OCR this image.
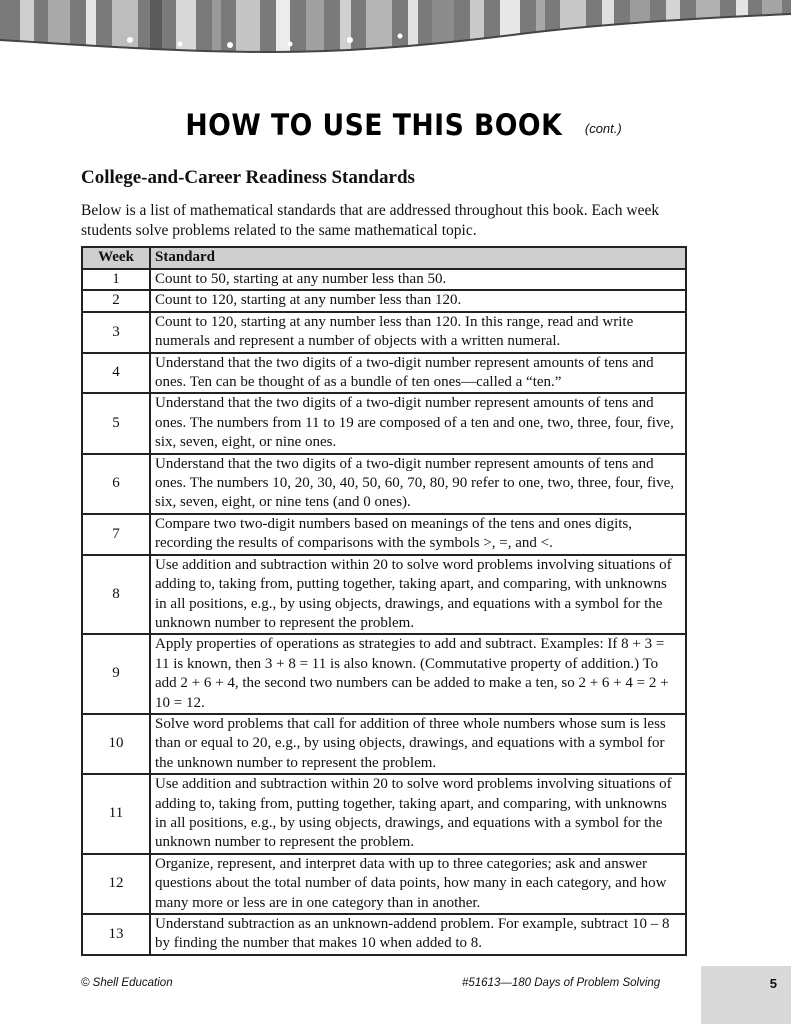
HOW TO USE THIS BOOK (cont.)
College-and-Career Readiness Standards

Below is a list of mathematical standards that are addressed throughout this book. Each week students solve problems related to the same mathematical topic.

Week	Standard
1	Count to 50, starting at any number less than 50.
2	Count to 120, starting at any number less than 120.
3	Count to 120, starting at any number less than 120. In this range, read and write numerals and represent a number of objects with a written numeral.
4	Understand that the two digits of a two-digit number represent amounts of tens and ones. Ten can be thought of as a bundle of ten ones—called a “ten.”
5	Understand that the two digits of a two-digit number represent amounts of tens and ones. The numbers from 11 to 19 are composed of a ten and one, two, three, four, five, six, seven, eight, or nine ones.
6	Understand that the two digits of a two-digit number represent amounts of tens and ones. The numbers 10, 20, 30, 40, 50, 60, 70, 80, 90 refer to one, two, three, four, five, six, seven, eight, or nine tens (and 0 ones).
7	Compare two two-digit numbers based on meanings of the tens and ones digits, recording the results of comparisons with the symbols >, =, and <.
8	Use addition and subtraction within 20 to solve word problems involving situations of adding to, taking from, putting together, taking apart, and comparing, with unknowns in all positions, e.g., by using objects, drawings, and equations with a symbol for the unknown number to represent the problem.
9	Apply properties of operations as strategies to add and subtract. Examples: If 8 + 3 = 11 is known, then 3 + 8 = 11 is also known. (Commutative property of addition.) To add 2 + 6 + 4, the second two numbers can be added to make a ten, so 2 + 6 + 4 = 2 + 10 = 12.
10	Solve word problems that call for addition of three whole numbers whose sum is less than or equal to 20, e.g., by using objects, drawings, and equations with a symbol for the unknown number to represent the problem.
11	Use addition and subtraction within 20 to solve word problems involving situations of adding to, taking from, putting together, taking apart, and comparing, with unknowns in all positions, e.g., by using objects, drawings, and equations with a symbol for the unknown number to represent the problem.
12	Organize, represent, and interpret data with up to three categories; ask and answer questions about the total number of data points, how many in each category, and how many more or less are in one category than in another.
13	Understand subtraction as an unknown-addend problem. For example, subtract 10 – 8 by finding the number that makes 10 when added to 8.
© Shell Education	#51613—180 Days of Problem Solving	5
